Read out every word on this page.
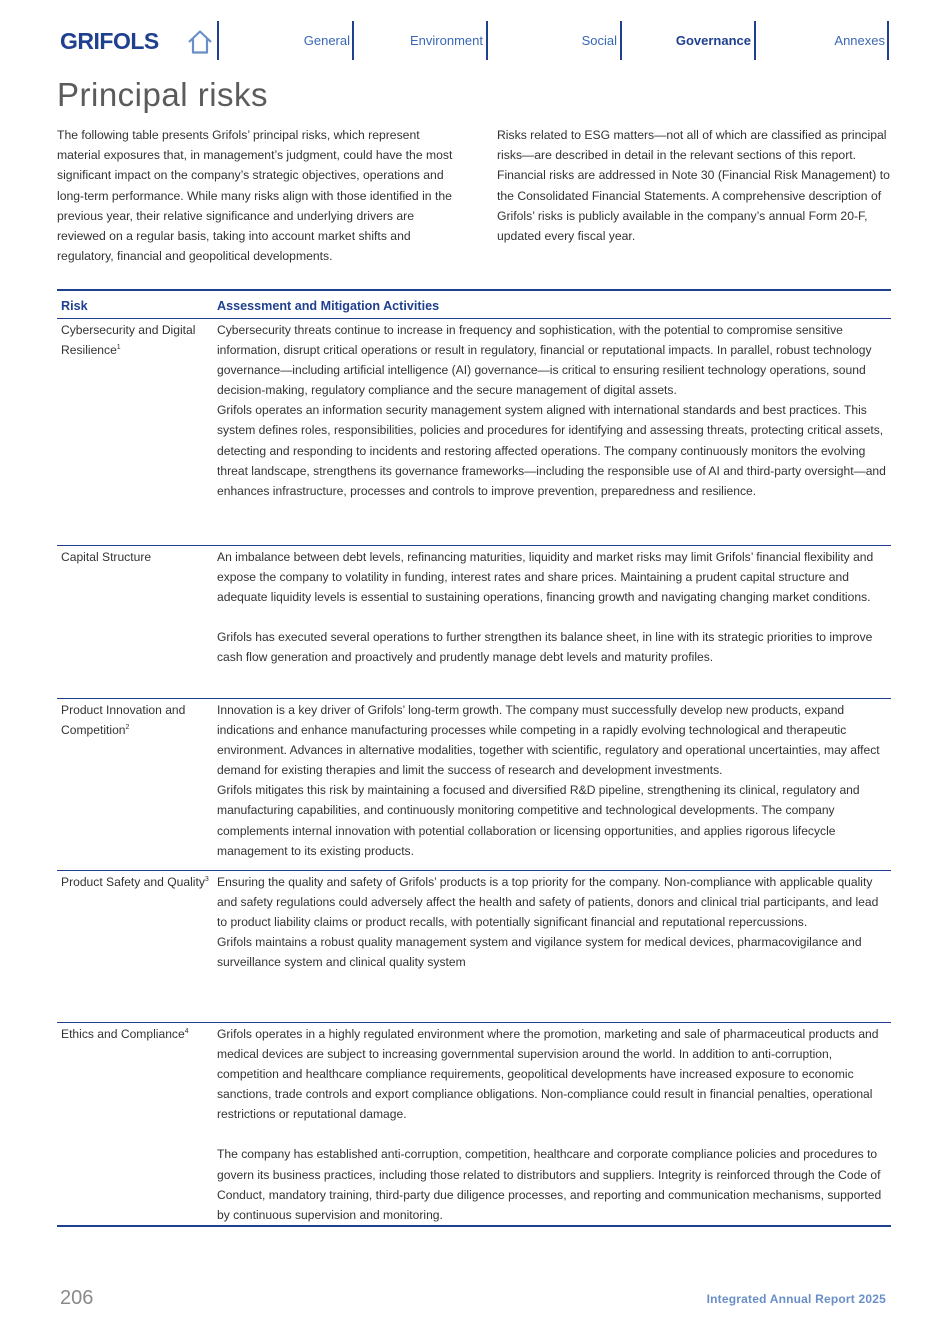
GRIFOLS	General	Environment	Social	Governance	Annexes
Principal risks

The following table presents Grifols’ principal risks, which represent material exposures that, in management’s judgment, could have the most significant impact on the company’s strategic objectives, operations and long-term performance. While many risks align with those identified in the previous year, their relative significance and underlying drivers are reviewed on a regular basis, taking into account market shifts and regulatory, financial and geopolitical developments.

Risks related to ESG matters—not all of which are classified as principal risks—are described in detail in the relevant sections of this report. Financial risks are addressed in Note 30 (Financial Risk Management) to the Consolidated Financial Statements. A comprehensive description of Grifols’ risks is publicly available in the company’s annual Form 20-F, updated every fiscal year.

Risk	Assessment and Mitigation Activities
Cybersecurity and Digital Resilience$^1$	Cybersecurity threats continue to increase in frequency and sophistication, with the potential to compromise sensitive information, disrupt critical operations or result in regulatory, financial or reputational impacts. In parallel, robust technology governance—including artificial intelligence (AI) governance—is critical to ensuring resilient technology operations, sound decision-making, regulatory compliance and the secure management of digital assets.

Grifols operates an information security management system aligned with international standards and best practices. This system defines roles, responsibilities, policies and procedures for identifying and assessing threats, protecting critical assets, detecting and responding to incidents and restoring affected operations. The company continuously monitors the evolving threat landscape, strengthens its governance frameworks—including the responsible use of AI and third-party oversight—and enhances infrastructure, processes and controls to improve prevention, preparedness and resilience.

Capital Structure	An imbalance between debt levels, refinancing maturities, liquidity and market risks may limit Grifols’ financial flexibility and expose the company to volatility in funding, interest rates and share prices. Maintaining a prudent capital structure and adequate liquidity levels is essential to sustaining operations, financing growth and navigating changing market conditions.

Grifols has executed several operations to further strengthen its balance sheet, in line with its strategic priorities to improve cash flow generation and proactively and prudently manage debt levels and maturity profiles.

Product Innovation and Competition$^2$	Innovation is a key driver of Grifols’ long-term growth. The company must successfully develop new products, expand indications and enhance manufacturing processes while competing in a rapidly evolving technological and therapeutic environment. Advances in alternative modalities, together with scientific, regulatory and operational uncertainties, may affect demand for existing therapies and limit the success of research and development investments.

Grifols mitigates this risk by maintaining a focused and diversified R&D pipeline, strengthening its clinical, regulatory and manufacturing capabilities, and continuously monitoring competitive and technological developments. The company complements internal innovation with potential collaboration or licensing opportunities, and applies rigorous lifecycle management to its existing products.

Product Safety and Quality$^3$	Ensuring the quality and safety of Grifols’ products is a top priority for the company. Non-compliance with applicable quality and safety regulations could adversely affect the health and safety of patients, donors and clinical trial participants, and lead to product liability claims or product recalls, with potentially significant financial and reputational repercussions.

Grifols maintains a robust quality management system and vigilance system for medical devices, pharmacovigilance and surveillance system and clinical quality system

Ethics and Compliance$^4$	Grifols operates in a highly regulated environment where the promotion, marketing and sale of pharmaceutical products and medical devices are subject to increasing governmental supervision around the world. In addition to anti-corruption, competition and healthcare compliance requirements, geopolitical developments have increased exposure to economic sanctions, trade controls and export compliance obligations. Non-compliance could result in financial penalties, operational restrictions or reputational damage.

The company has established anti-corruption, competition, healthcare and corporate compliance policies and procedures to govern its business practices, including those related to distributors and suppliers. Integrity is reinforced through the Code of Conduct, mandatory training, third-party due diligence processes, and reporting and communication mechanisms, supported by continuous supervision and monitoring.

206	Integrated Annual Report 2025
